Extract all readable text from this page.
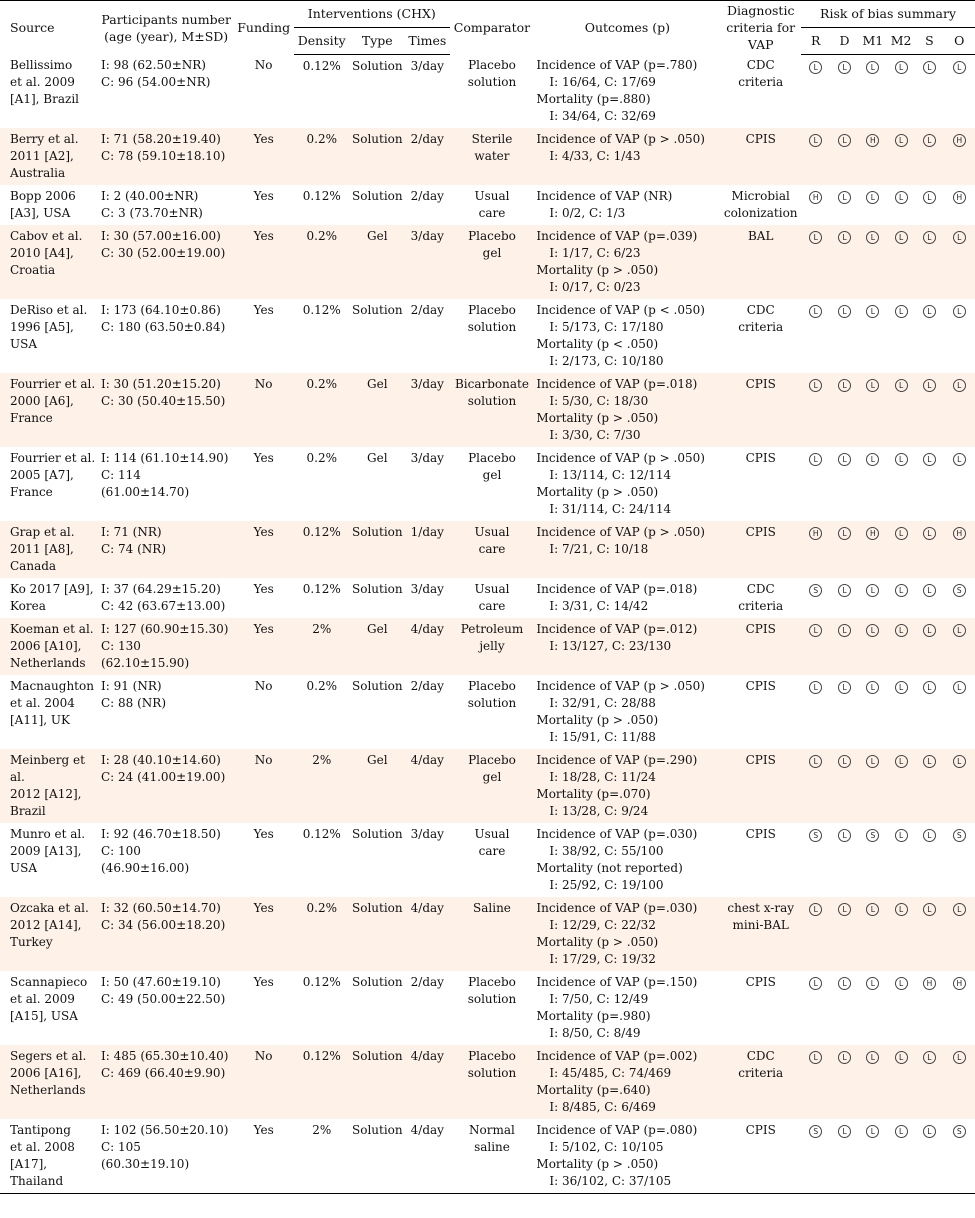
Source	Participants number
(age (year), M±SD)	Funding	Interventions (CHX)			Comparator	Outcomes (p)	Diagnostic
criteria for
VAP	Risk of bias summary					
			Density	Type	Times				R	D	M1	M2	S	O

Bellissimo
et al. 2009
[A1], Brazil	I: 98 (62.50±NR)
C: 96 (54.00±NR)	No	0.12%	Solution	3/day	Placebo
solution	Incidence of VAP (p=.780)
I: 16/64, C: 17/69
Mortality (p=.880)
I: 34/64, C: 32/69	CDC
criteria	L	L	L	L	L	L

Berry et al.
2011 [A2],
Australia	I: 71 (58.20±19.40)
C: 78 (59.10±18.10)	Yes	0.2%	Solution	2/day	Sterile
water	Incidence of VAP (p > .050)
I: 4/33, C: 1/43	CPIS	L	L	H	L	L	H

Bopp 2006
[A3], USA	I: 2 (40.00±NR)
C: 3 (73.70±NR)	Yes	0.12%	Solution	2/day	Usual
care	Incidence of VAP (NR)
I: 0/2, C: 1/3	Microbial
colonization	H	L	L	L	L	H

Cabov et al.
2010 [A4],
Croatia	I: 30 (57.00±16.00)
C: 30 (52.00±19.00)	Yes	0.2%	Gel	3/day	Placebo
gel	Incidence of VAP (p=.039)
I: 1/17, C: 6/23
Mortality (p > .050)
I: 0/17, C: 0/23	BAL	L	L	L	L	L	L

DeRiso et al.
1996 [A5],
USA	I: 173 (64.10±0.86)
C: 180 (63.50±0.84)	Yes	0.12%	Solution	2/day	Placebo
solution	Incidence of VAP (p < .050)
I: 5/173, C: 17/180
Mortality (p < .050)
I: 2/173, C: 10/180	CDC
criteria	L	L	L	L	L	L

Fourrier et al.
2000 [A6],
France	I: 30 (51.20±15.20)
C: 30 (50.40±15.50)	No	0.2%	Gel	3/day	Bicarbonate
solution	Incidence of VAP (p=.018)
I: 5/30, C: 18/30
Mortality (p > .050)
I: 3/30, C: 7/30	CPIS	L	L	L	L	L	L

Fourrier et al.
2005 [A7],
France	I: 114 (61.10±14.90)
C: 114 (61.00±14.70)	Yes	0.2%	Gel	3/day	Placebo
gel	Incidence of VAP (p > .050)
I: 13/114, C: 12/114
Mortality (p > .050)
I: 31/114, C: 24/114	CPIS	L	L	L	L	L	L

Grap et al.
2011 [A8],
Canada	I: 71 (NR)
C: 74 (NR)	Yes	0.12%	Solution	1/day	Usual
care	Incidence of VAP (p > .050)
I: 7/21, C: 10/18	CPIS	H	L	H	L	L	H

Ko 2017 [A9],
Korea	I: 37 (64.29±15.20)
C: 42 (63.67±13.00)	Yes	0.12%	Solution	3/day	Usual
care	Incidence of VAP (p=.018)
I: 3/31, C: 14/42	CDC
criteria	S	L	L	L	L	S

Koeman et al.
2006 [A10],
Netherlands	I: 127 (60.90±15.30)
C: 130 (62.10±15.90)	Yes	2%	Gel	4/day	Petroleum
jelly	Incidence of VAP (p=.012)
I: 13/127, C: 23/130	CPIS	L	L	L	L	L	L

Macnaughton
et al. 2004
[A11], UK	I: 91 (NR)
C: 88 (NR)	No	0.2%	Solution	2/day	Placebo
solution	Incidence of VAP (p > .050)
I: 32/91, C: 28/88
Mortality (p > .050)
I: 15/91, C: 11/88	CPIS	L	L	L	L	L	L

Meinberg et al.
2012 [A12],
Brazil	I: 28 (40.10±14.60)
C: 24 (41.00±19.00)	No	2%	Gel	4/day	Placebo
gel	Incidence of VAP (p=.290)
I: 18/28, C: 11/24
Mortality (p=.070)
I: 13/28, C: 9/24	CPIS	L	L	L	L	L	L

Munro et al.
2009 [A13],
USA	I: 92 (46.70±18.50)
C: 100 (46.90±16.00)	Yes	0.12%	Solution	3/day	Usual
care	Incidence of VAP (p=.030)
I: 38/92, C: 55/100
Mortality (not reported)
I: 25/92, C: 19/100	CPIS	S	L	S	L	L	S

Ozcaka et al.
2012 [A14],
Turkey	I: 32 (60.50±14.70)
C: 34 (56.00±18.20)	Yes	0.2%	Solution	4/day	Saline	Incidence of VAP (p=.030)
I: 12/29, C: 22/32
Mortality (p > .050)
I: 17/29, C: 19/32	chest x-ray
mini-BAL	L	L	L	L	L	L

Scannapieco
et al. 2009
[A15], USA	I: 50 (47.60±19.10)
C: 49 (50.00±22.50)	Yes	0.12%	Solution	2/day	Placebo
solution	Incidence of VAP (p=.150)
I: 7/50, C: 12/49
Mortality (p=.980)
I: 8/50, C: 8/49	CPIS	L	L	L	L	H	H

Segers et al.
2006 [A16],
Netherlands	I: 485 (65.30±10.40)
C: 469 (66.40±9.90)	No	0.12%	Solution	4/day	Placebo
solution	Incidence of VAP (p=.002)
I: 45/485, C: 74/469
Mortality (p=.640)
I: 8/485, C: 6/469	CDC
criteria	L	L	L	L	L	L

Tantipong
et al. 2008
[A17],
Thailand	I: 102 (56.50±20.10)
C: 105 (60.30±19.10)	Yes	2%	Solution	4/day	Normal
saline	Incidence of VAP (p=.080)
I: 5/102, C: 10/105
Mortality (p > .050)
I: 36/102, C: 37/105	CPIS	S	L	L	L	L	S
